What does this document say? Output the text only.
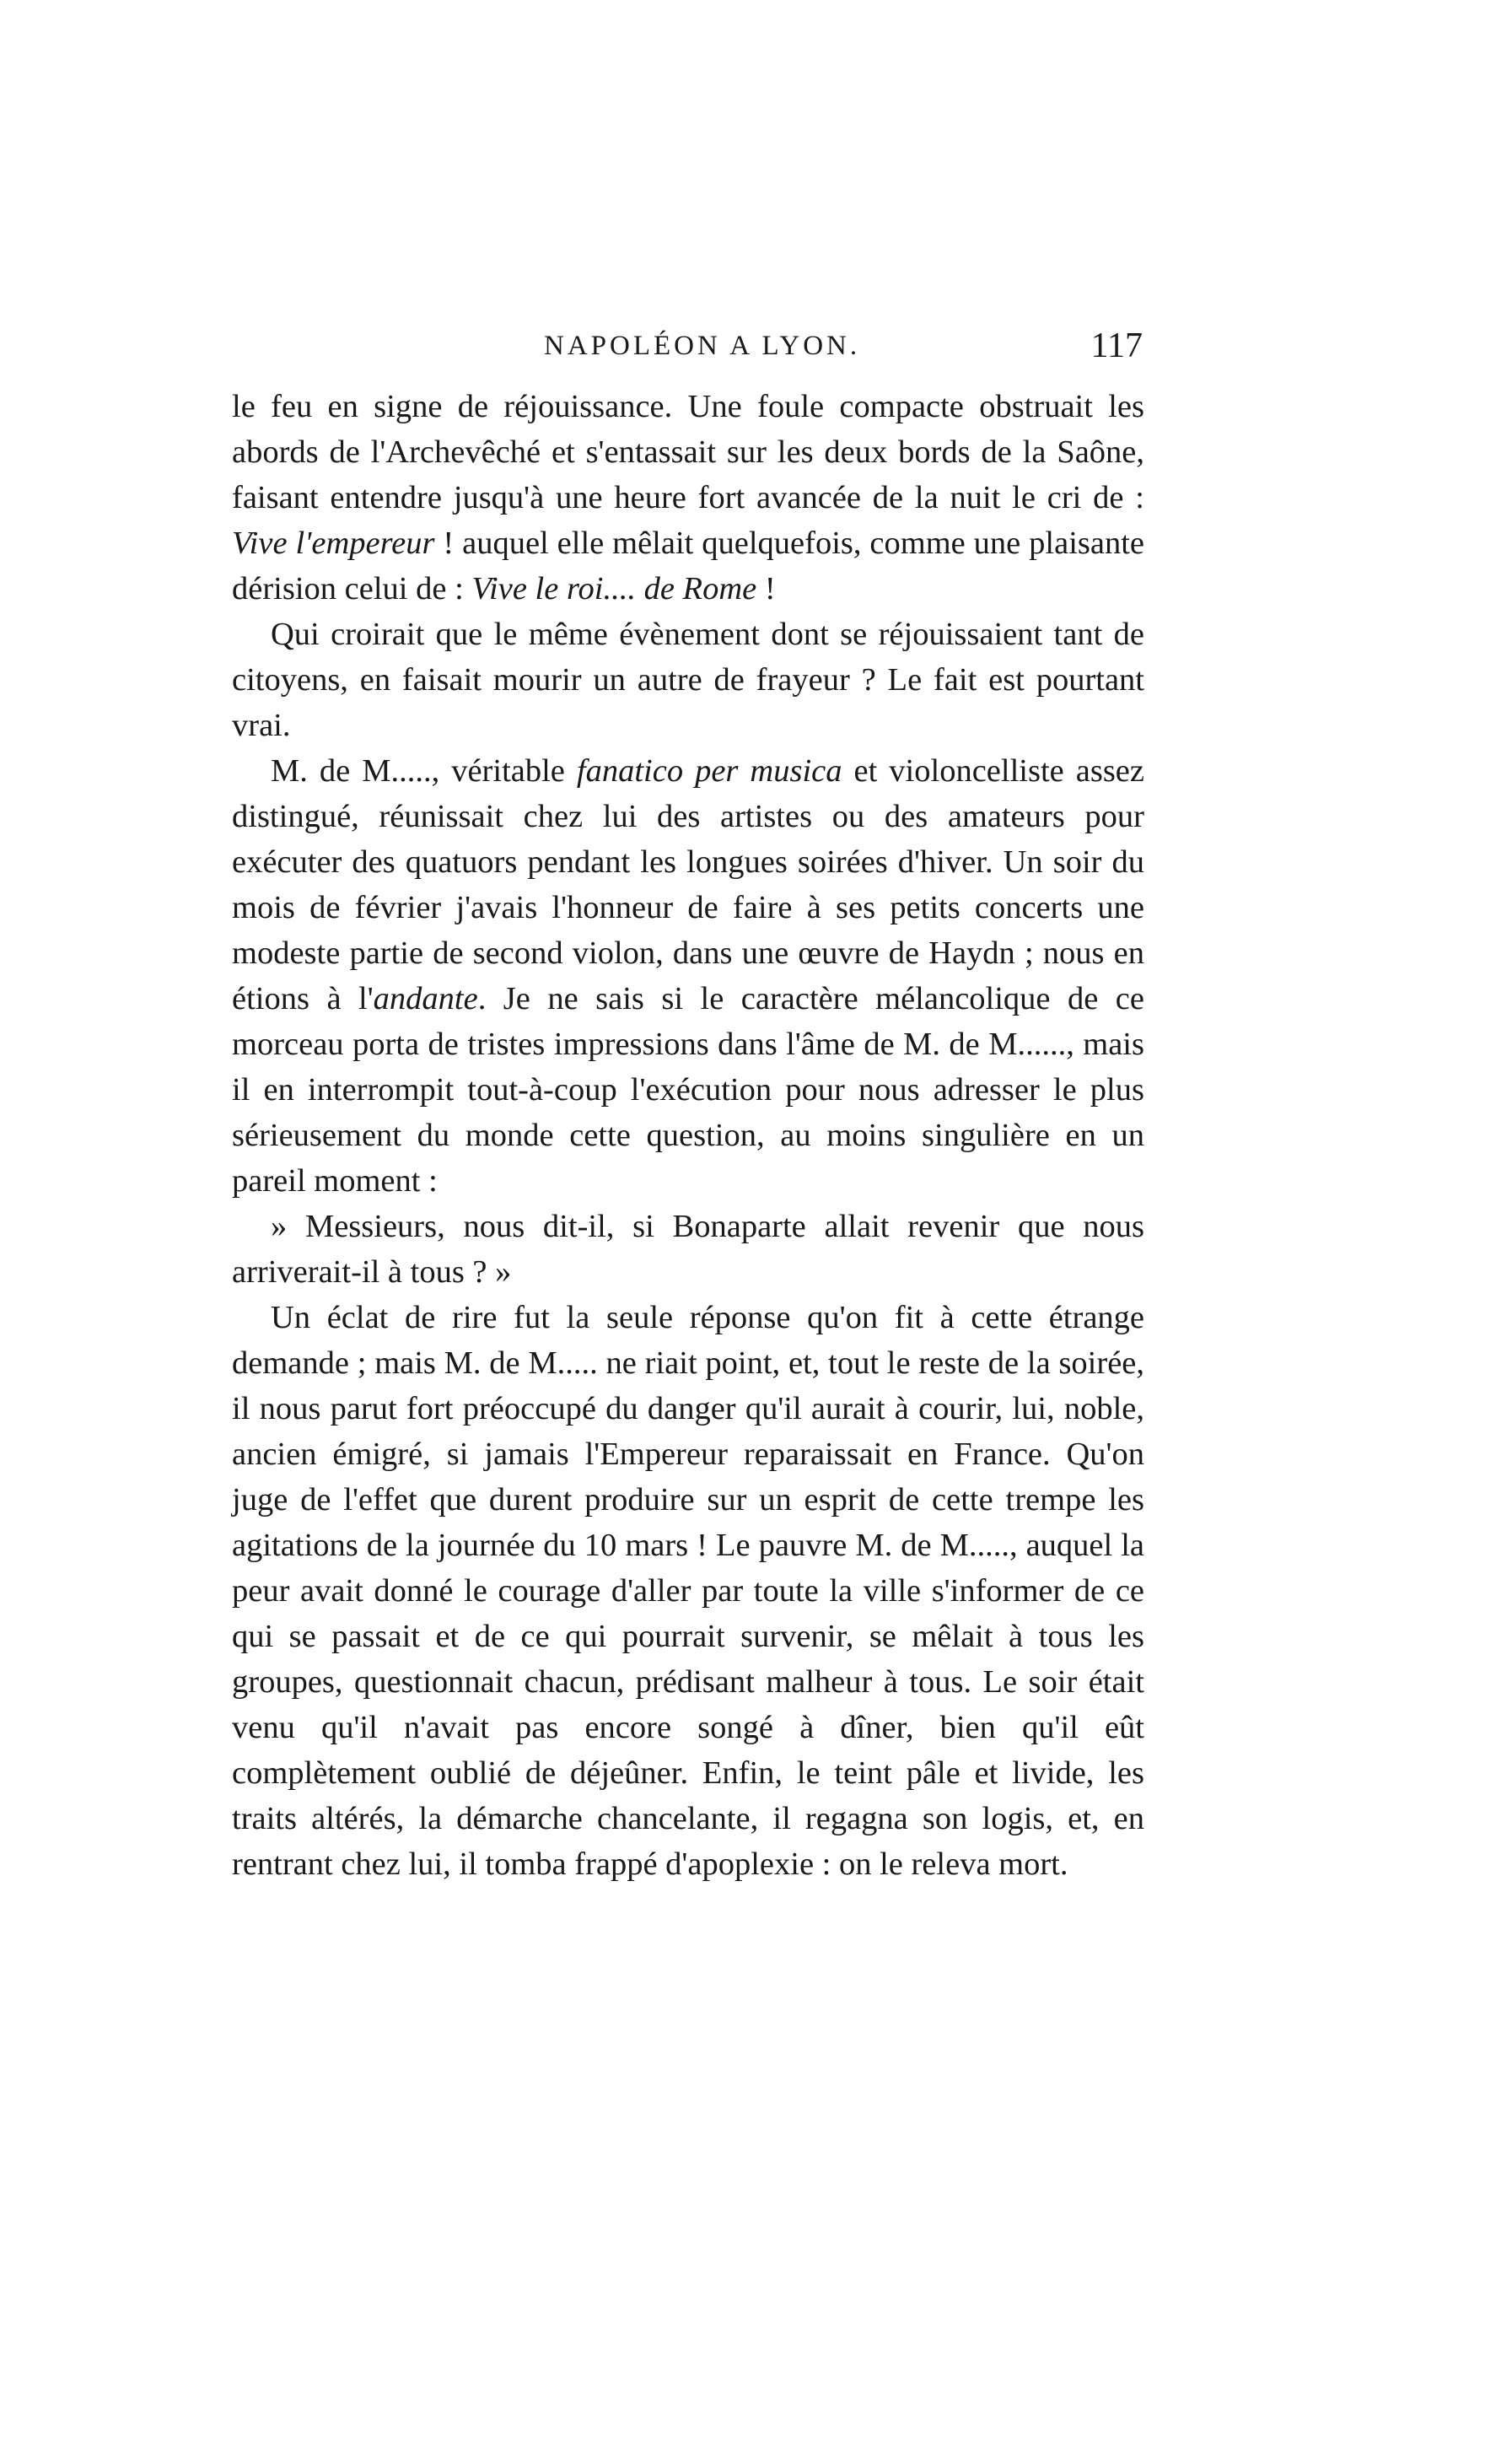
NAPOLÉON A LYON.	117

le feu en signe de réjouissance. Une foule compacte obstruait les abords de l'Archevêché et s'entassait sur les deux bords de la Saône, faisant entendre jusqu'à une heure fort avancée de la nuit le cri de : Vive l'empereur ! auquel elle mêlait quelquefois, comme une plaisante dérision celui de : Vive le roi.... de Rome !

Qui croirait que le même évènement dont se réjouissaient tant de citoyens, en faisait mourir un autre de frayeur ? Le fait est pourtant vrai.

M. de M....., véritable fanatico per musica et violoncelliste assez distingué, réunissait chez lui des artistes ou des amateurs pour exécuter des quatuors pendant les longues soirées d'hiver. Un soir du mois de février j'avais l'honneur de faire à ses petits concerts une modeste partie de second violon, dans une œuvre de Haydn ; nous en étions à l'andante. Je ne sais si le caractère mélancolique de ce morceau porta de tristes impressions dans l'âme de M. de M......, mais il en interrompit tout-à-coup l'exécution pour nous adresser le plus sérieusement du monde cette question, au moins singulière en un pareil moment :

» Messieurs, nous dit-il, si Bonaparte allait revenir que nous arriverait-il à tous ? »

Un éclat de rire fut la seule réponse qu'on fit à cette étrange demande ; mais M. de M..... ne riait point, et, tout le reste de la soirée, il nous parut fort préoccupé du danger qu'il aurait à courir, lui, noble, ancien émigré, si jamais l'Empereur reparaissait en France. Qu'on juge de l'effet que durent produire sur un esprit de cette trempe les agitations de la journée du 10 mars ! Le pauvre M. de M....., auquel la peur avait donné le courage d'aller par toute la ville s'informer de ce qui se passait et de ce qui pourrait survenir, se mêlait à tous les groupes, questionnait chacun, prédisant malheur à tous. Le soir était venu qu'il n'avait pas encore songé à dîner, bien qu'il eût complètement oublié de déjeûner. Enfin, le teint pâle et livide, les traits altérés, la démarche chancelante, il regagna son logis, et, en rentrant chez lui, il tomba frappé d'apoplexie : on le releva mort.
